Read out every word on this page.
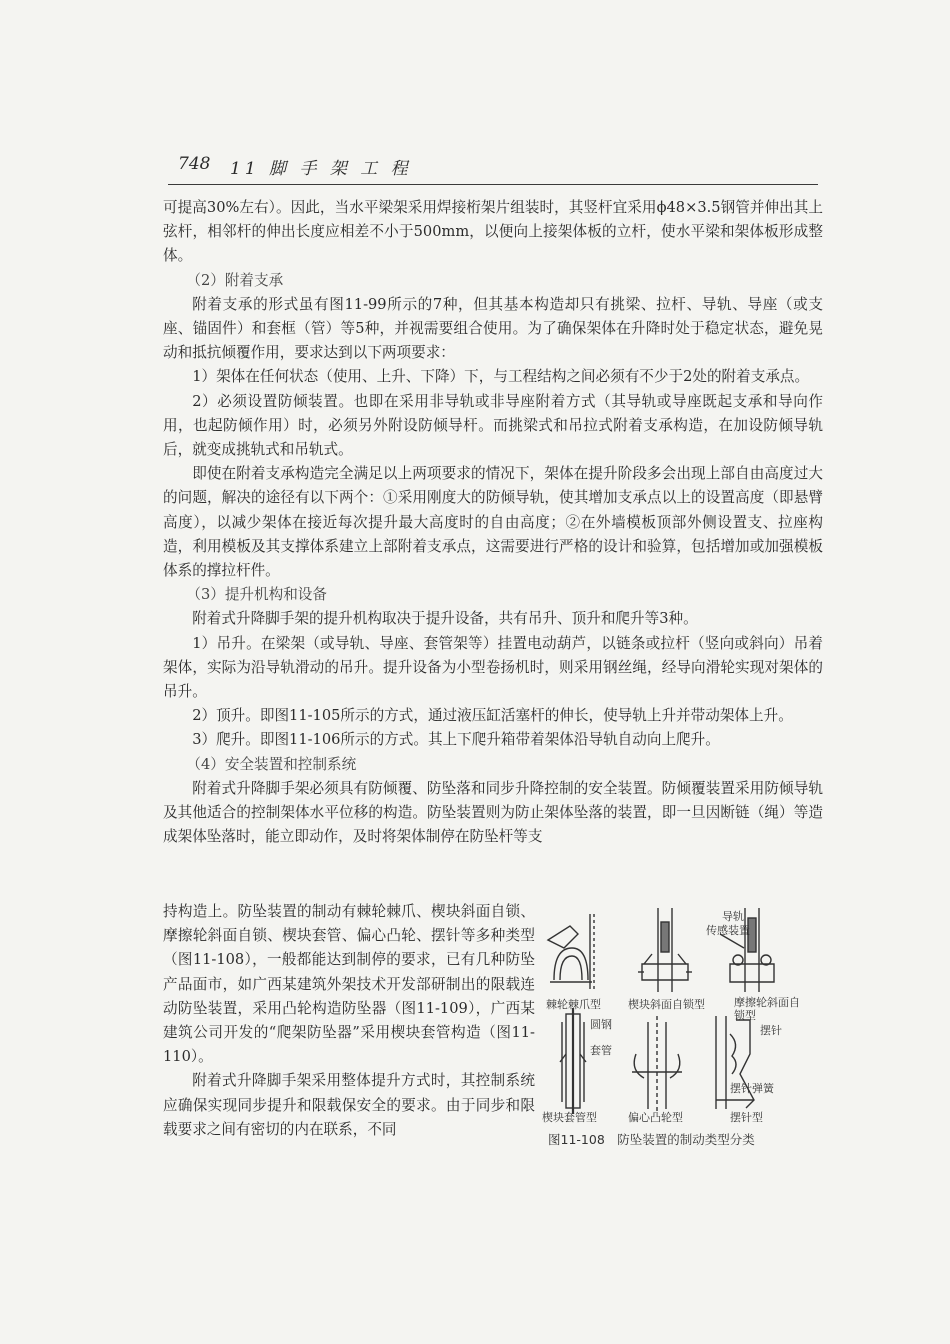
748 11 脚 手 架 工 程

可提高30%左右）。因此，当水平梁架采用焊接桁架片组装时，其竖杆宜采用ϕ48×3.5钢管并伸出其上弦杆，相邻杆的伸出长度应相差不小于500mm，以便向上接架体板的立杆，使水平梁和架体板形成整体。

（2）附着支承

附着支承的形式虽有图11-99所示的7种，但其基本构造却只有挑梁、拉杆、导轨、导座（或支座、锚固件）和套框（管）等5种，并视需要组合使用。为了确保架体在升降时处于稳定状态，避免晃动和抵抗倾覆作用，要求达到以下两项要求：

1）架体在任何状态（使用、上升、下降）下，与工程结构之间必须有不少于2处的附着支承点。

2）必须设置防倾装置。也即在采用非导轨或非导座附着方式（其导轨或导座既起支承和导向作用，也起防倾作用）时，必须另外附设防倾导杆。而挑梁式和吊拉式附着支承构造，在加设防倾导轨后，就变成挑轨式和吊轨式。

即使在附着支承构造完全满足以上两项要求的情况下，架体在提升阶段多会出现上部自由高度过大的问题，解决的途径有以下两个：①采用刚度大的防倾导轨，使其增加支承点以上的设置高度（即悬臂高度），以减少架体在接近每次提升最大高度时的自由高度；②在外墙模板顶部外侧设置支、拉座构造，利用模板及其支撑体系建立上部附着支承点，这需要进行严格的设计和验算，包括增加或加强模板体系的撑拉杆件。

（3）提升机构和设备

附着式升降脚手架的提升机构取决于提升设备，共有吊升、顶升和爬升等3种。

1）吊升。在梁架（或导轨、导座、套管架等）挂置电动葫芦，以链条或拉杆（竖向或斜向）吊着架体，实际为沿导轨滑动的吊升。提升设备为小型卷扬机时，则采用钢丝绳，经导向滑轮实现对架体的吊升。

2）顶升。即图11-105所示的方式，通过液压缸活塞杆的伸长，使导轨上升并带动架体上升。

3）爬升。即图11-106所示的方式。其上下爬升箱带着架体沿导轨自动向上爬升。

（4）安全装置和控制系统

附着式升降脚手架必须具有防倾覆、防坠落和同步升降控制的安全装置。防倾覆装置采用防倾导轨及其他适合的控制架体水平位移的构造。防坠装置则为防止架体坠落的装置，即一旦因断链（绳）等造成架体坠落时，能立即动作，及时将架体制停在防坠杆等支

持构造上。防坠装置的制动有棘轮棘爪、楔块斜面自锁、摩擦轮斜面自锁、楔块套管、偏心凸轮、摆针等多种类型（图11-108），一般都能达到制停的要求，已有几种防坠产品面市，如广西某建筑外架技术开发部研制出的限载连动防坠装置，采用凸轮构造防坠器（图11-109），广西某建筑公司开发的“爬架防坠器”采用楔块套管构造（图11-110）。

附着式升降脚手架采用整体提升方式时，其控制系统应确保实现同步提升和限载保安全的要求。由于同步和限载要求之间有密切的内在联系，不同

导轨
传感装置
棘轮棘爪型 楔块斜面自锁型	摩擦轮斜面自锁型
圆钢
套管
摆针
摆针弹簧
楔块套管型	偏心凸轮型	摆针型
图11-108　防坠装置的制动类型分类
